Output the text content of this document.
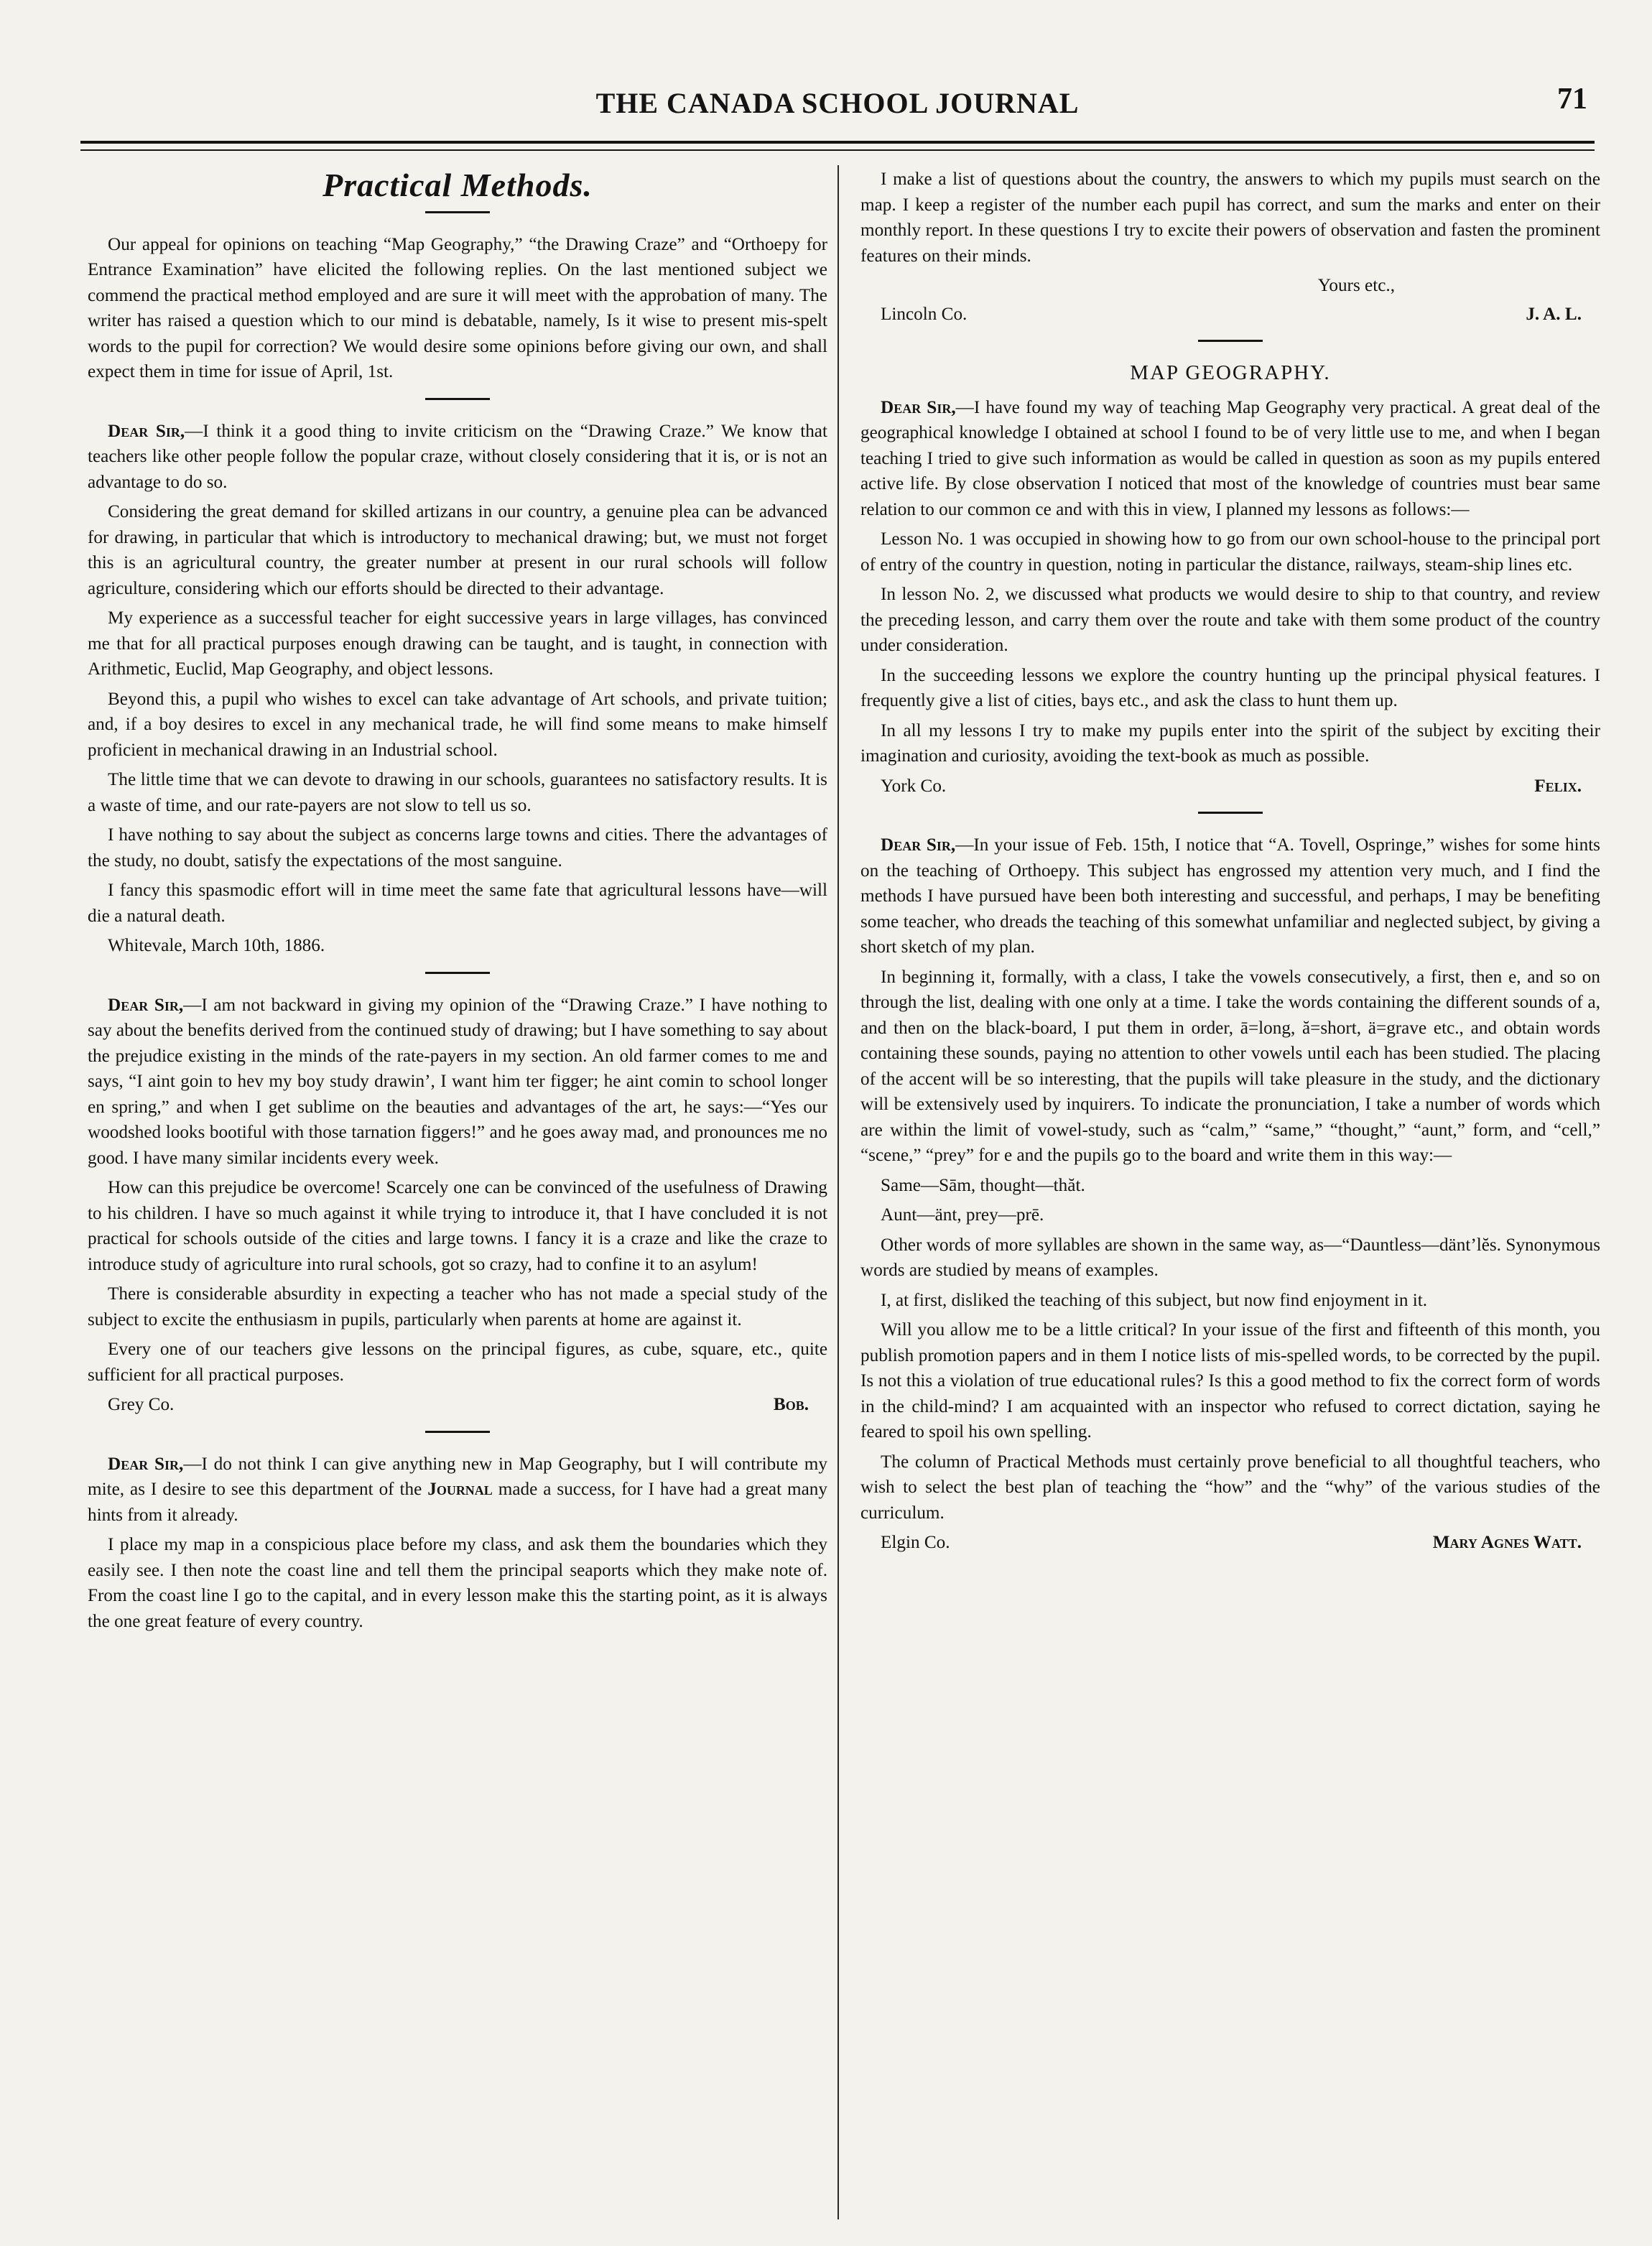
THE CANADA SCHOOL JOURNAL	71
Practical Methods.

Our appeal for opinions on teaching “Map Geography,” “the Drawing Craze” and “Orthoepy for Entrance Examination” have elicited the following replies. On the last mentioned subject we commend the practical method employed and are sure it will meet with the approbation of many. The writer has raised a question which to our mind is debatable, namely, Is it wise to present mis-spelt words to the pupil for correction? We would desire some opinions before giving our own, and shall expect them in time for issue of April, 1st.

Dear Sir,—I think it a good thing to invite criticism on the “Drawing Craze.” We know that teachers like other people follow the popular craze, without closely considering that it is, or is not an advantage to do so.

Considering the great demand for skilled artizans in our country, a genuine plea can be advanced for drawing, in particular that which is introductory to mechanical drawing; but, we must not forget this is an agricultural country, the greater number at present in our rural schools will follow agriculture, considering which our efforts should be directed to their advantage.

My experience as a successful teacher for eight successive years in large villages, has convinced me that for all practical purposes enough drawing can be taught, and is taught, in connection with Arithmetic, Euclid, Map Geography, and object lessons.

Beyond this, a pupil who wishes to excel can take advantage of Art schools, and private tuition; and, if a boy desires to excel in any mechanical trade, he will find some means to make himself proficient in mechanical drawing in an Industrial school.

The little time that we can devote to drawing in our schools, guarantees no satisfactory results. It is a waste of time, and our rate-payers are not slow to tell us so.

I have nothing to say about the subject as concerns large towns and cities. There the advantages of the study, no doubt, satisfy the expectations of the most sanguine.

I fancy this spasmodic effort will in time meet the same fate that agricultural lessons have—will die a natural death.

Whitevale, March 10th, 1886.

Dear Sir,—I am not backward in giving my opinion of the “Drawing Craze.” I have nothing to say about the benefits derived from the continued study of drawing; but I have something to say about the prejudice existing in the minds of the rate-payers in my section. An old farmer comes to me and says, “I aint goin to hev my boy study drawin’, I want him ter figger; he aint comin to school longer en spring,” and when I get sublime on the beauties and advantages of the art, he says:—“Yes our woodshed looks bootiful with those tarnation figgers!” and he goes away mad, and pronounces me no good. I have many similar incidents every week.

How can this prejudice be overcome! Scarcely one can be convinced of the usefulness of Drawing to his children. I have so much against it while trying to introduce it, that I have concluded it is not practical for schools outside of the cities and large towns. I fancy it is a craze and like the craze to introduce study of agriculture into rural schools, got so crazy, had to confine it to an asylum!

There is considerable absurdity in expecting a teacher who has not made a special study of the subject to excite the enthusiasm in pupils, particularly when parents at home are against it.

Every one of our teachers give lessons on the principal figures, as cube, square, etc., quite sufficient for all practical purposes.

Grey Co.	Bob.

Dear Sir,—I do not think I can give anything new in Map Geography, but I will contribute my mite, as I desire to see this department of the Journal made a success, for I have had a great many hints from it already.

I place my map in a conspicious place before my class, and ask them the boundaries which they easily see. I then note the coast line and tell them the principal seaports which they make note of. From the coast line I go to the capital, and in every lesson make this the starting point, as it is always the one great feature of every country.

I make a list of questions about the country, the answers to which my pupils must search on the map. I keep a register of the number each pupil has correct, and sum the marks and enter on their monthly report. In these questions I try to excite their powers of observation and fasten the prominent features on their minds.

Yours etc.,
Lincoln Co.	J. A. L.
MAP GEOGRAPHY.

Dear Sir,—I have found my way of teaching Map Geography very practical. A great deal of the geographical knowledge I obtained at school I found to be of very little use to me, and when I began teaching I tried to give such information as would be called in question as soon as my pupils entered active life. By close observation I noticed that most of the knowledge of countries must bear same relation to our common ce and with this in view, I planned my lessons as follows:—

Lesson No. 1 was occupied in showing how to go from our own school-house to the principal port of entry of the country in question, noting in particular the distance, railways, steam-ship lines etc.

In lesson No. 2, we discussed what products we would desire to ship to that country, and review the preceding lesson, and carry them over the route and take with them some product of the country under consideration.

In the succeeding lessons we explore the country hunting up the principal physical features. I frequently give a list of cities, bays etc., and ask the class to hunt them up.

In all my lessons I try to make my pupils enter into the spirit of the subject by exciting their imagination and curiosity, avoiding the text-book as much as possible.

York Co.	Felix.

Dear Sir,—In your issue of Feb. 15th, I notice that “A. Tovell, Ospringe,” wishes for some hints on the teaching of Orthoepy. This subject has engrossed my attention very much, and I find the methods I have pursued have been both interesting and successful, and perhaps, I may be benefiting some teacher, who dreads the teaching of this somewhat unfamiliar and neglected subject, by giving a short sketch of my plan.

In beginning it, formally, with a class, I take the vowels consecutively, a first, then e, and so on through the list, dealing with one only at a time. I take the words containing the different sounds of a, and then on the black-board, I put them in order, ā=long, ă=short, ä=grave etc., and obtain words containing these sounds, paying no attention to other vowels until each has been studied. The placing of the accent will be so interesting, that the pupils will take pleasure in the study, and the dictionary will be extensively used by inquirers. To indicate the pronunciation, I take a number of words which are within the limit of vowel-study, such as “calm,” “same,” “thought,” “aunt,” form, and “cell,” “scene,” “prey” for e and the pupils go to the board and write them in this way:—

Same—Sām, thought—thăt.

Aunt—änt, prey—prē.

Other words of more syllables are shown in the same way, as—“Dauntless—dänt’lĕs. Synonymous words are studied by means of examples.

I, at first, disliked the teaching of this subject, but now find enjoyment in it.

Will you allow me to be a little critical? In your issue of the first and fifteenth of this month, you publish promotion papers and in them I notice lists of mis-spelled words, to be corrected by the pupil. Is not this a violation of true educational rules? Is this a good method to fix the correct form of words in the child-mind? I am acquainted with an inspector who refused to correct dictation, saying he feared to spoil his own spelling.

The column of Practical Methods must certainly prove beneficial to all thoughtful teachers, who wish to select the best plan of teaching the “how” and the “why” of the various studies of the curriculum.

Elgin Co.	Mary Agnes Watt.
